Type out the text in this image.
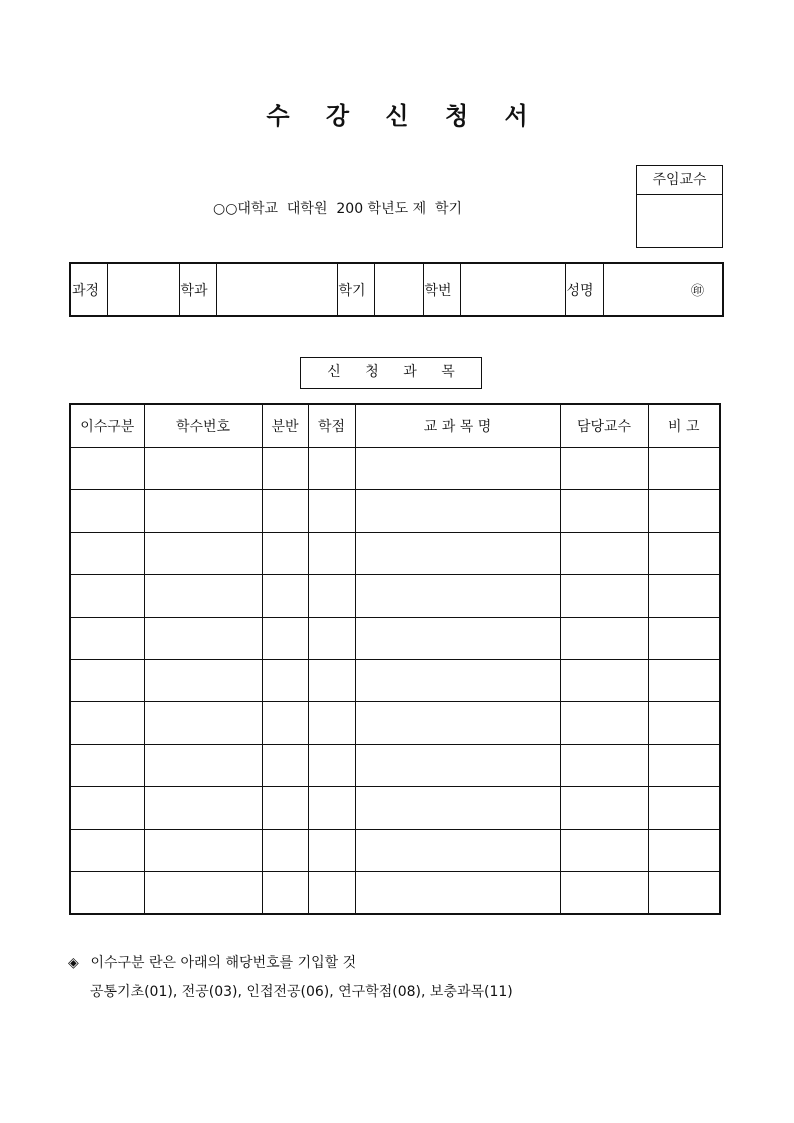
수 강 신 청 서
○○대학교  대학원  200 학년도 제  학기
주임교수
과정		학과		학기		학번		성명	㊞
신 청 과 목
이수구분	학수번호	분반	학점	교 과 목 명	담당교수	비 고

◈ 이수구분 란은 아래의 해당번호를 기입할 것
공통기초(01), 전공(03), 인접전공(06), 연구학점(08), 보충과목(11)
